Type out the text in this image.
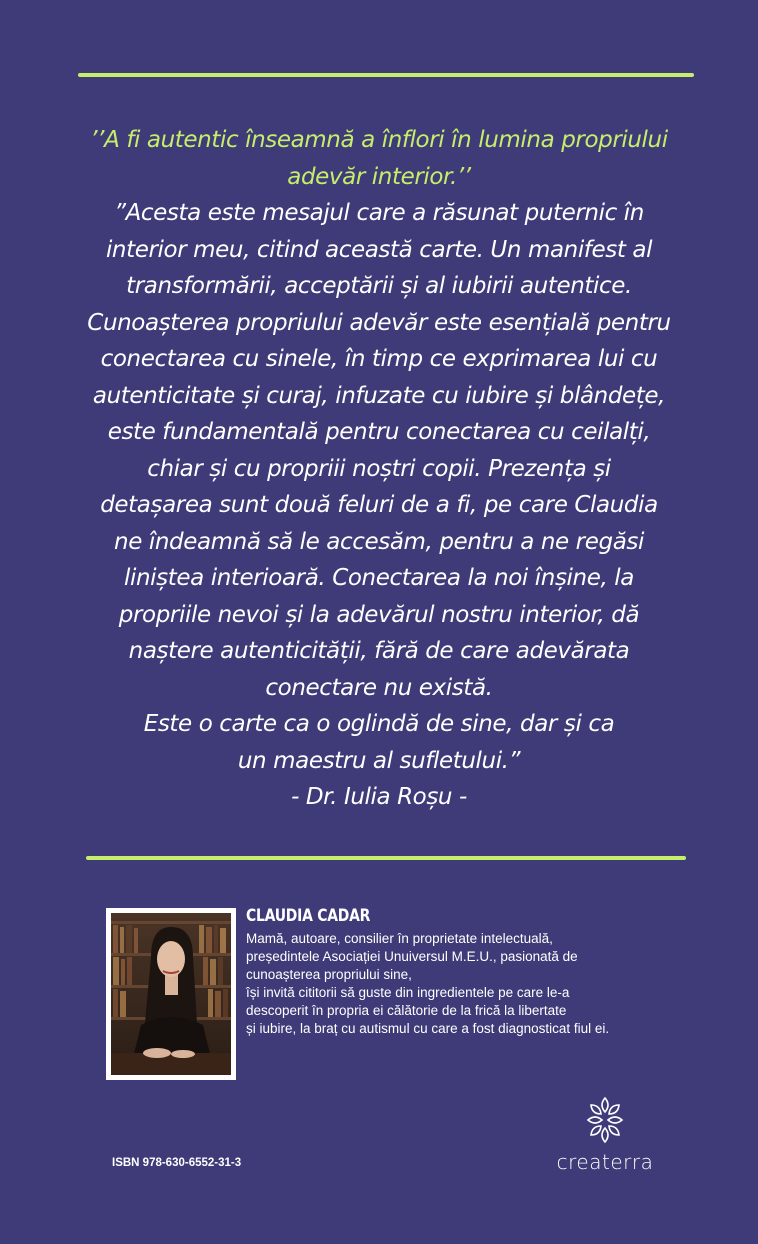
’’A fi autentic înseamnă a înflori în lumina propriului
adevăr interior.’’
”Acesta este mesajul care a răsunat puternic în
interior meu, citind această carte. Un manifest al
transformării, acceptării și al iubirii autentice.
Cunoașterea propriului adevăr este esențială pentru
conectarea cu sinele, în timp ce exprimarea lui cu
autenticitate și curaj, infuzate cu iubire și blândețe,
este fundamentală pentru conectarea cu ceilalți,
chiar și cu propriii noștri copii. Prezența și
detașarea sunt două feluri de a fi, pe care Claudia
ne îndeamnă să le accesăm, pentru a ne regăsi
liniștea interioară. Conectarea la noi înșine, la
propriile nevoi și la adevărul nostru interior, dă
naștere autenticității, fără de care adevărata
conectare nu există.
Este o carte ca o oglindă de sine, dar și ca
un maestru al sufletului.”
- Dr. Iulia Roșu -
CLAUDIA CADAR
Mamă, autoare, consilier în proprietate intelectuală,
președintele Asociației Unuiversul M.E.U., pasionată de
cunoașterea propriului sine,
își invită cititorii să guste din ingredientele pe care le-a
descoperit în propria ei călătorie de la frică la libertate
și iubire, la braț cu autismul cu care a fost diagnosticat fiul ei.
ISBN 978-630-6552-31-3	createrra
